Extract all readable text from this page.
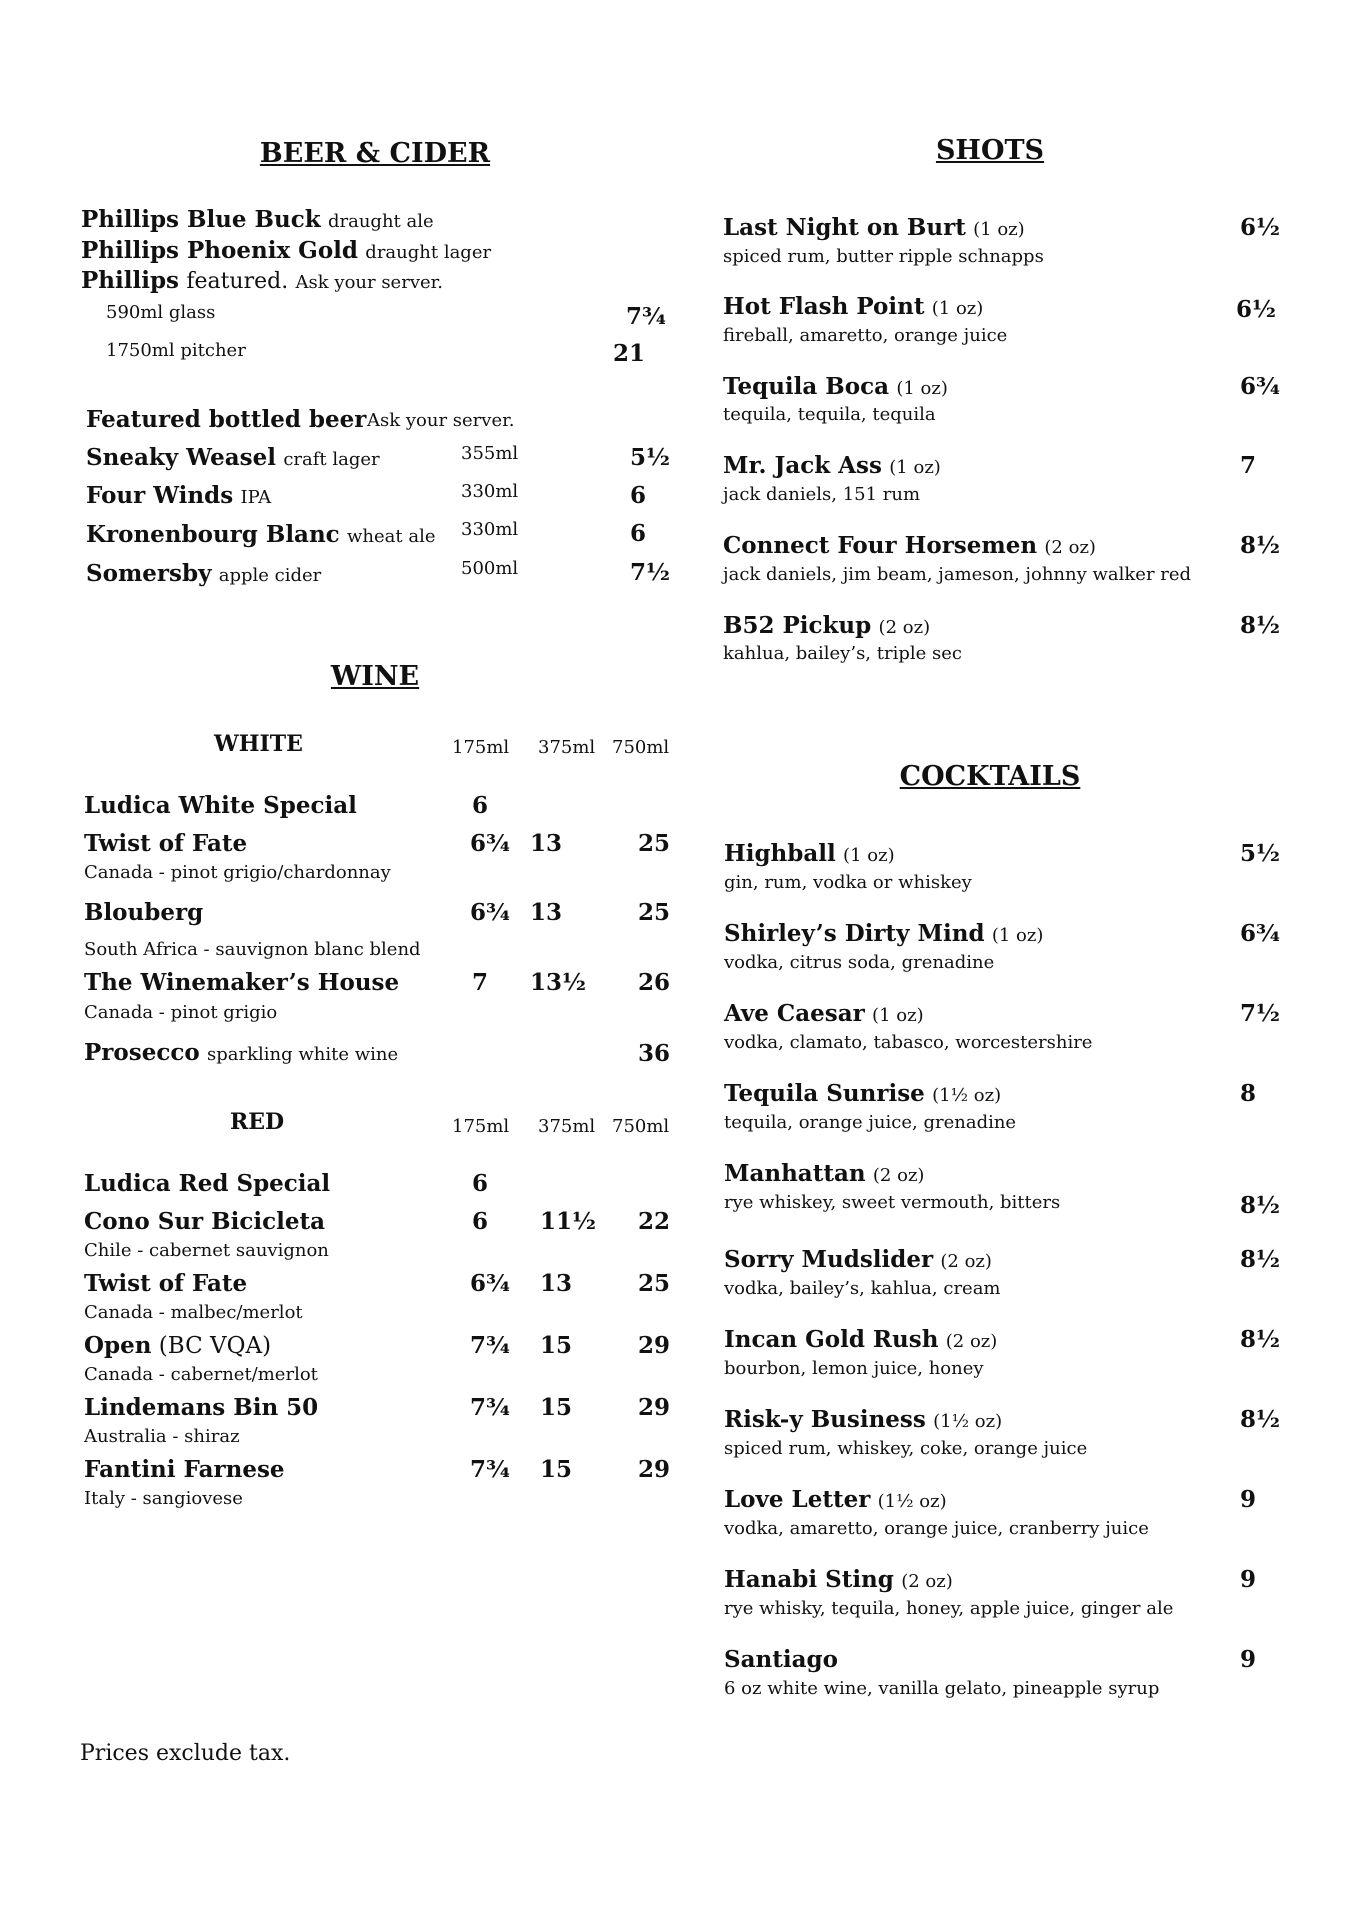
BEER & CIDER
Phillips Blue Buck draught ale
Phillips Phoenix Gold draught lager
Phillips featured. Ask your server.
590ml glass	7¾
1750ml pitcher	21
Featured bottled beer Ask your server.
Sneaky Weasel craft lager	355ml	5½
Four Winds IPA	330ml	6
Kronenbourg Blanc wheat ale 330ml	6
Somersby apple cider	500ml	7½
WINE
WHITE	175ml 375ml 750ml
Ludica White Special	6
Twist of Fate
Canada - pinot grigio/chardonnay
6¾ 13	25
Blouberg
South Africa - sauvignon blanc blend
6¾ 13	25
The Winemaker’s House
Canada - pinot grigio
7 13½ 26
Prosecco sparkling white wine	36
RED	175ml 375ml 750ml
Ludica Red Special	6
Cono Sur Bicicleta
Chile - cabernet sauvignon
6 11½ 22
Twist of Fate
Canada - malbec/merlot
6¾ 13	25
Open (BC VQA)
Canada - cabernet/merlot
7¾ 15	29
Lindemans Bin 50
Australia - shiraz
7¾ 15	29
Fantini Farnese
Italy - sangiovese
7¾ 15	29
Prices exclude tax.
SHOTS
Last Night on Burt (1 oz)
spiced rum, butter ripple schnapps
6½
Hot Flash Point (1 oz)
fireball, amaretto, orange juice
6½
Tequila Boca (1 oz)
tequila, tequila, tequila
6¾
Mr. Jack Ass (1 oz)
jack daniels, 151 rum
7
Connect Four Horsemen (2 oz)
jack daniels, jim beam, jameson, johnny walker red
8½
B52 Pickup (2 oz)
kahlua, bailey’s, triple sec
8½
COCKTAILS
Highball (1 oz)
gin, rum, vodka or whiskey
5½
Shirley’s Dirty Mind (1 oz)
vodka, citrus soda, grenadine
6¾
Ave Caesar (1 oz)
vodka, clamato, tabasco, worcestershire
7½
Tequila Sunrise (1½ oz)
tequila, orange juice, grenadine
8
Manhattan (2 oz)
rye whiskey, sweet vermouth, bitters	8½
Sorry Mudslider (2 oz)
vodka, bailey’s, kahlua, cream
8½
Incan Gold Rush (2 oz)
bourbon, lemon juice, honey
8½
Risk-y Business (1½ oz)
spiced rum, whiskey, coke, orange juice
8½
Love Letter (1½ oz)
vodka, amaretto, orange juice, cranberry juice
9
Hanabi Sting (2 oz)
rye whisky, tequila, honey, apple juice, ginger ale
9
Santiago
6 oz white wine, vanilla gelato, pineapple syrup
9
